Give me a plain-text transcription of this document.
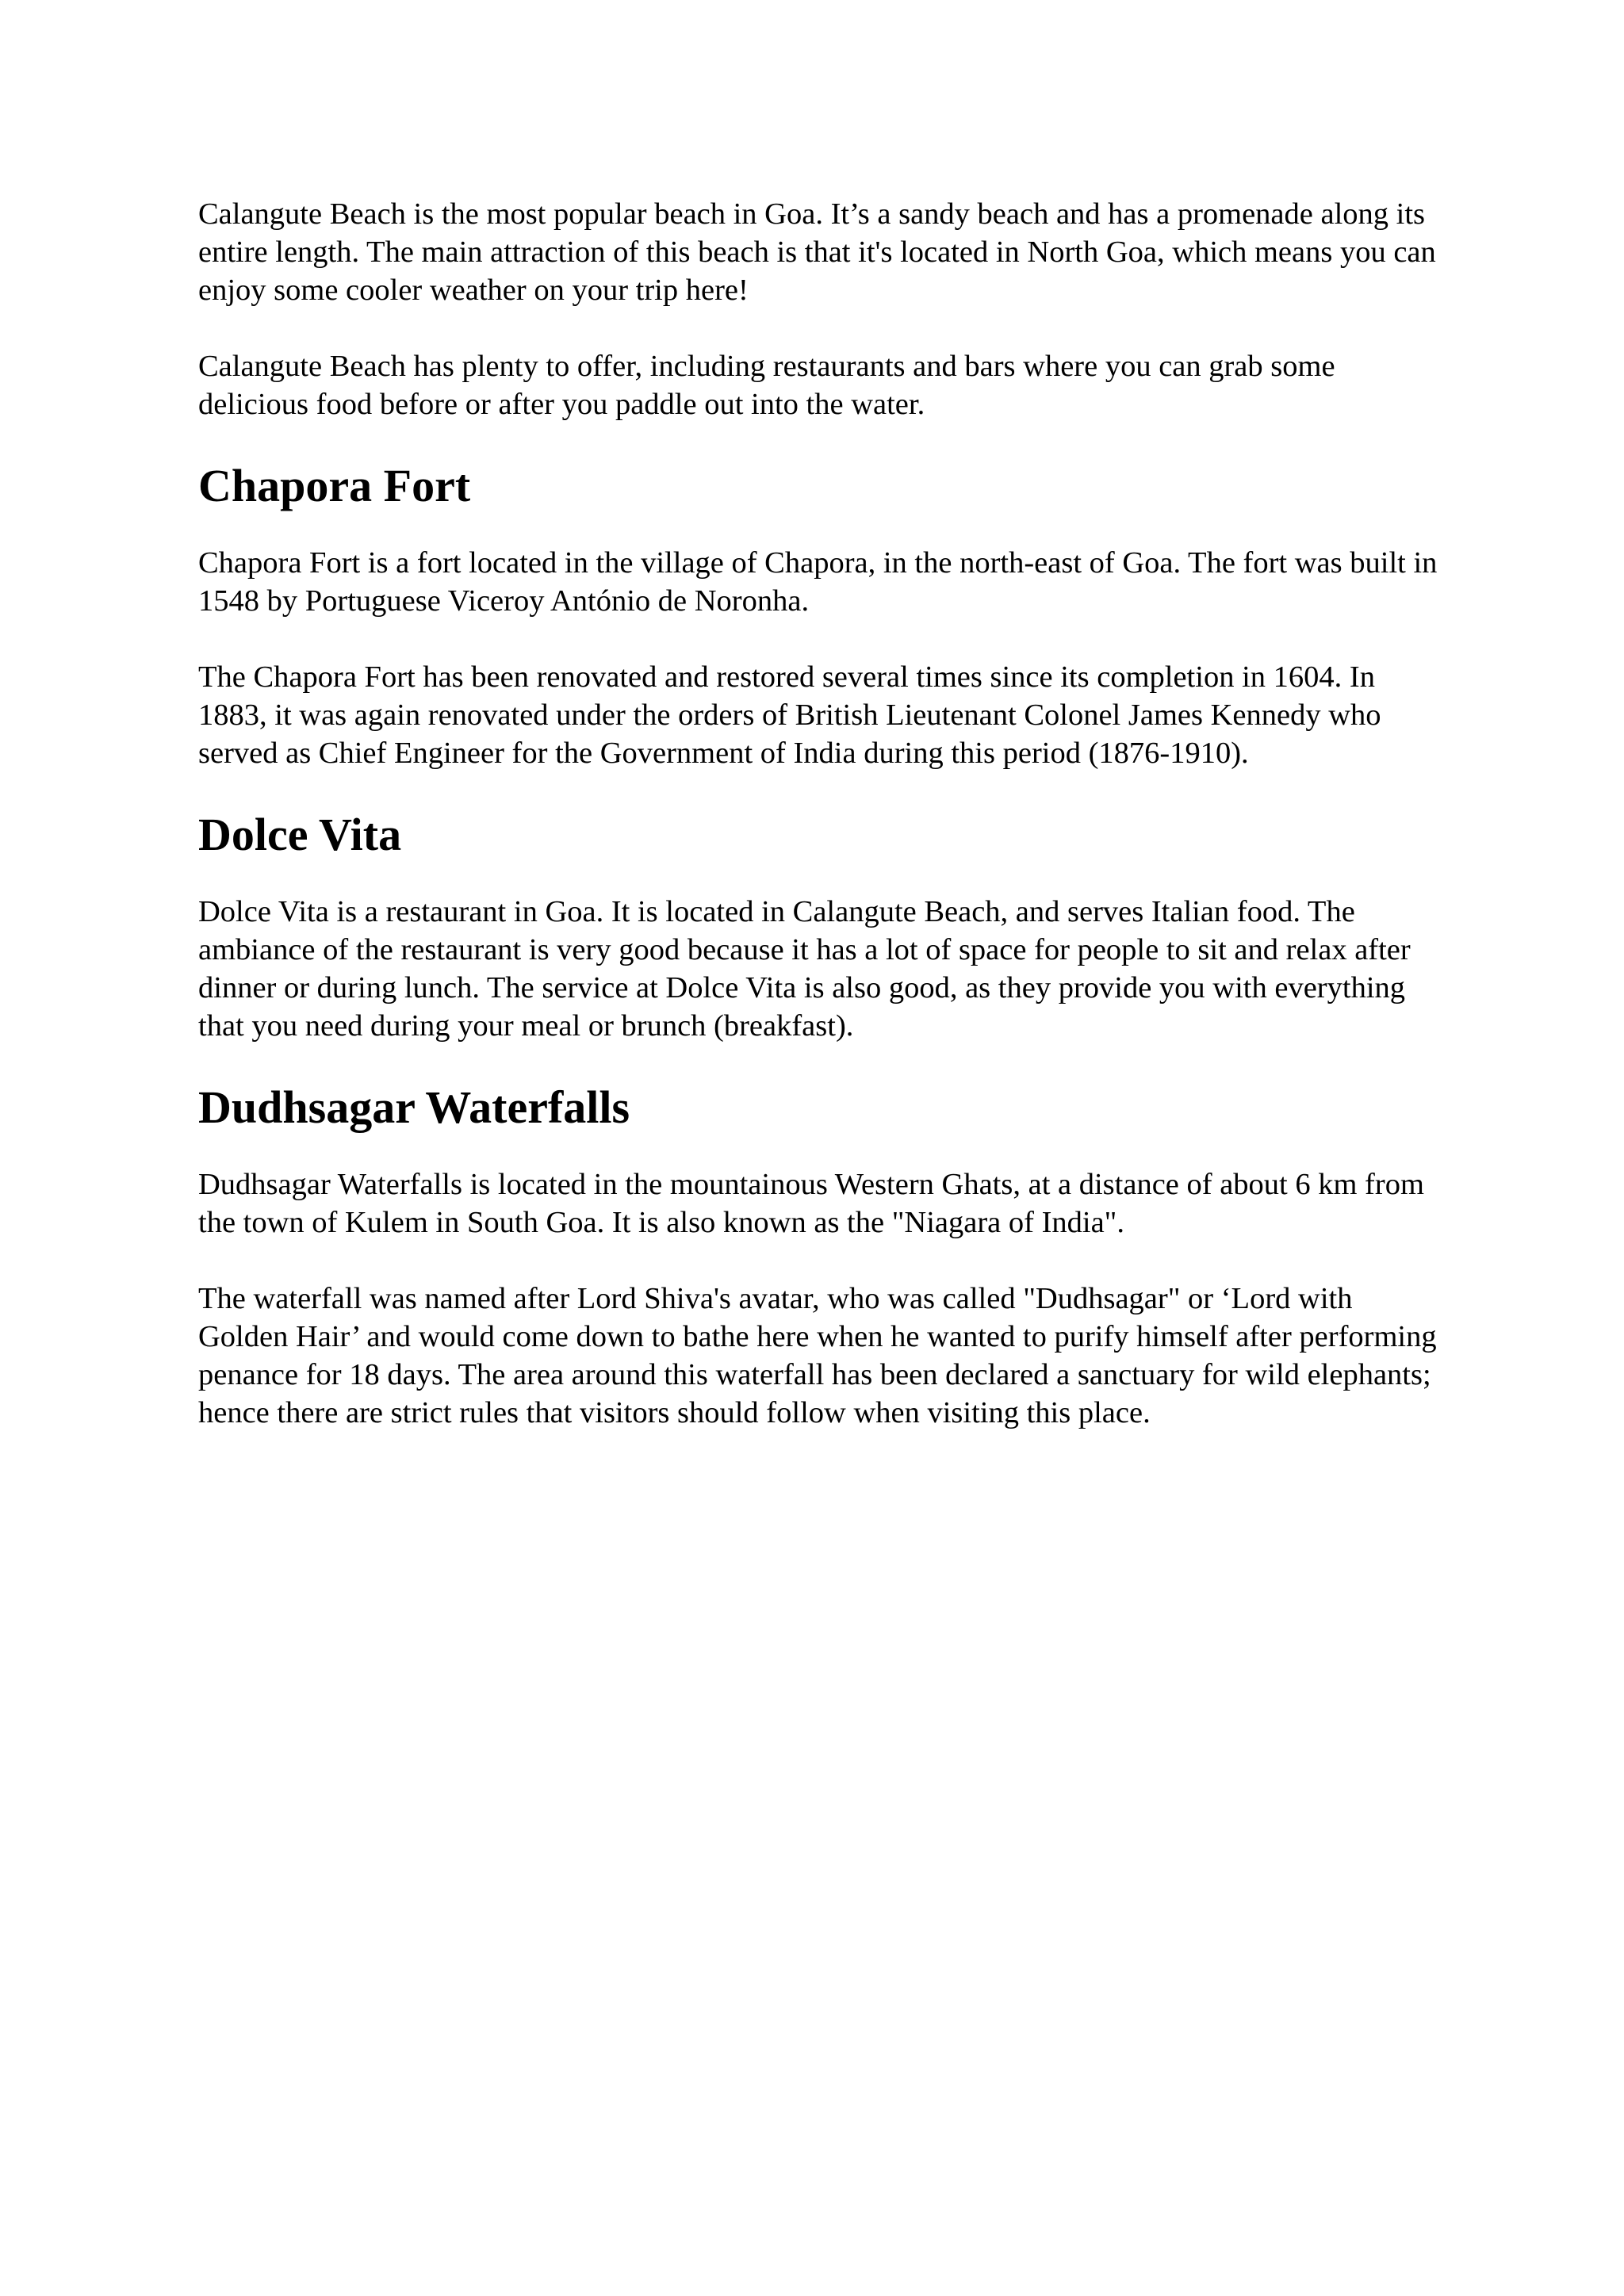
Calangute Beach is the most popular beach in Goa. It’s a sandy beach and has a promenade along its entire length. The main attraction of this beach is that it's located in North Goa, which means you can enjoy some cooler weather on your trip here!

Calangute Beach has plenty to offer, including restaurants and bars where you can grab some delicious food before or after you paddle out into the water.

Chapora Fort

Chapora Fort is a fort located in the village of Chapora, in the north-east of Goa. The fort was built in 1548 by Portuguese Viceroy António de Noronha.

The Chapora Fort has been renovated and restored several times since its completion in 1604. In 1883, it was again renovated under the orders of British Lieutenant Colonel James Kennedy who served as Chief Engineer for the Government of India during this period (1876-1910).

Dolce Vita

Dolce Vita is a restaurant in Goa. It is located in Calangute Beach, and serves Italian food. The ambiance of the restaurant is very good because it has a lot of space for people to sit and relax after dinner or during lunch. The service at Dolce Vita is also good, as they provide you with everything that you need during your meal or brunch (breakfast).

Dudhsagar Waterfalls

Dudhsagar Waterfalls is located in the mountainous Western Ghats, at a distance of about 6 km from the town of Kulem in South Goa. It is also known as the "Niagara of India".

The waterfall was named after Lord Shiva's avatar, who was called "Dudhsagar" or ‘Lord with Golden Hair’ and would come down to bathe here when he wanted to purify himself after performing penance for 18 days. The area around this waterfall has been declared a sanctuary for wild elephants; hence there are strict rules that visitors should follow when visiting this place.
